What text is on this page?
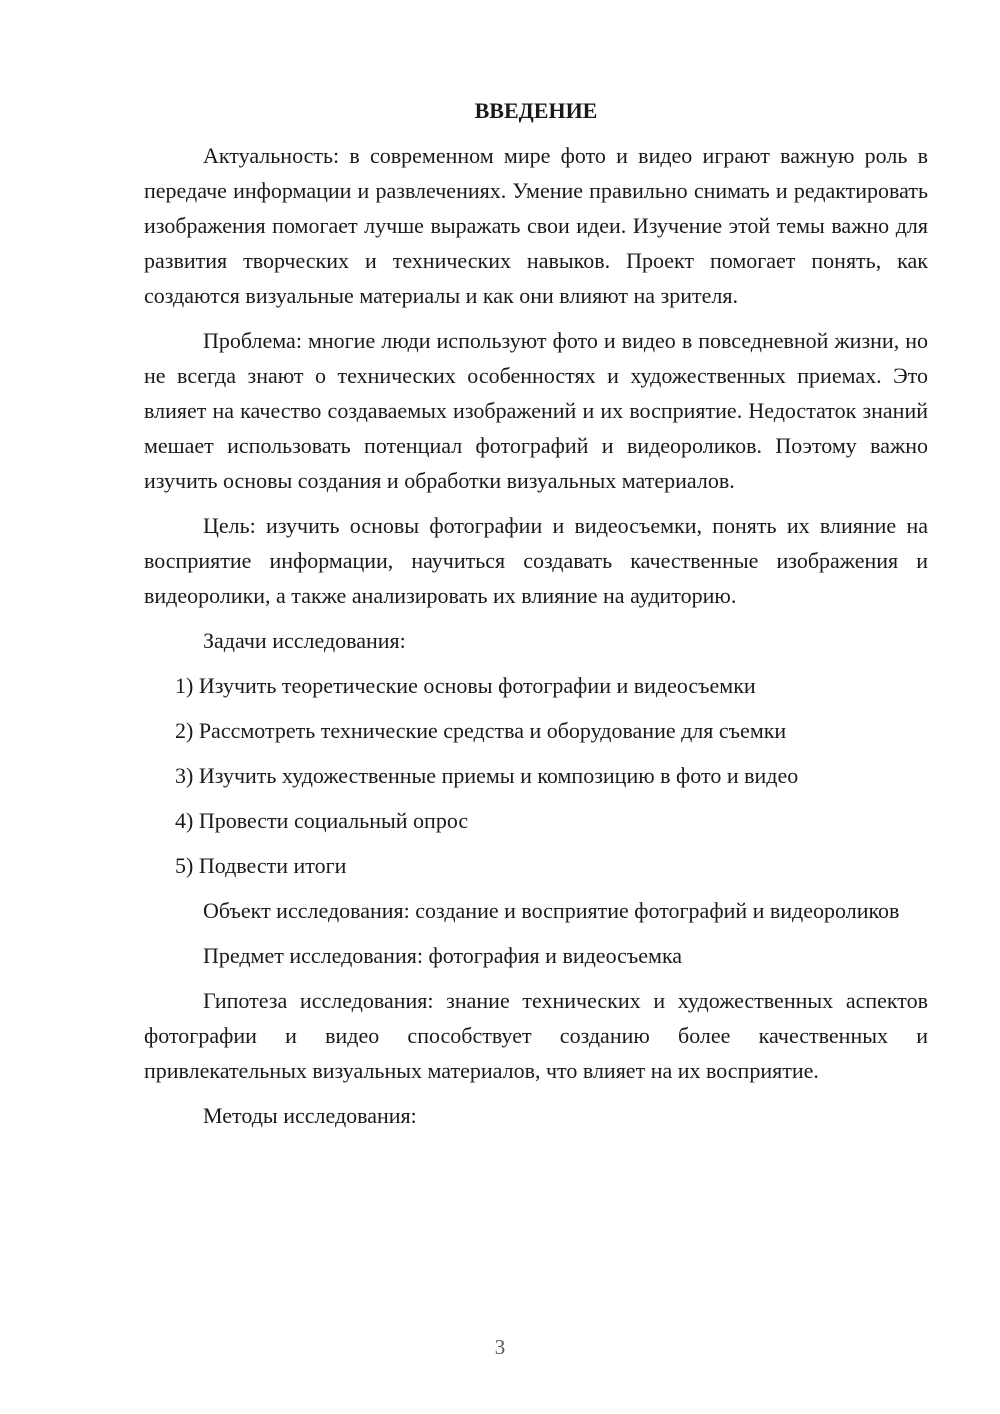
ВВЕДЕНИЕ

Актуальность: в современном мире фото и видео играют важную роль в передаче информации и развлечениях. Умение правильно снимать и редактировать изображения помогает лучше выражать свои идеи. Изучение этой темы важно для развития творческих и технических навыков. Проект помогает понять, как создаются визуальные материалы и как они влияют на зрителя.

Проблема: многие люди используют фото и видео в повседневной жизни, но не всегда знают о технических особенностях и художественных приемах. Это влияет на качество создаваемых изображений и их восприятие. Недостаток знаний мешает использовать потенциал фотографий и видеороликов. Поэтому важно изучить основы создания и обработки визуальных материалов.

Цель: изучить основы фотографии и видеосъемки, понять их влияние на восприятие информации, научиться создавать качественные изображения и видеоролики, а также анализировать их влияние на аудиторию.

Задачи исследования:

1) Изучить теоретические основы фотографии и видеосъемки

2) Рассмотреть технические средства и оборудование для съемки

3) Изучить художественные приемы и композицию в фото и видео

4) Провести социальный опрос

5) Подвести итоги

Объект исследования: создание и восприятие фотографий и видеороликов

Предмет исследования: фотография и видеосъемка

Гипотеза исследования: знание технических и художественных аспектов фотографии и видео способствует созданию более качественных и привлекательных визуальных материалов, что влияет на их восприятие.

Методы исследования:

3
